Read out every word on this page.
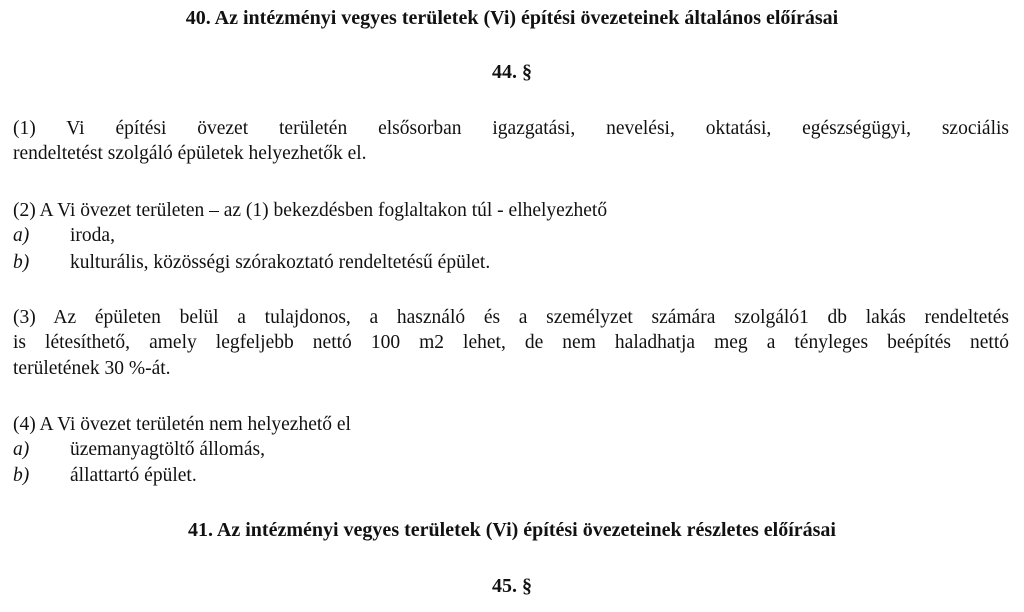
40. Az intézményi vegyes területek (Vi) építési övezeteinek általános előírásai
44. §
(1) Vi építési övezet területén elsősorban igazgatási, nevelési, oktatási, egészségügyi, szociális
rendeltetést szolgáló épületek helyezhetők el.
(2) A Vi övezet területen – az (1) bekezdésben foglaltakon túl - elhelyezhető
a) iroda,
b) kulturális, közösségi szórakoztató rendeltetésű épület.
(3) Az épületen belül a tulajdonos, a használó és a személyzet számára szolgáló1 db lakás rendeltetés
is létesíthető, amely legfeljebb nettó 100 m2 lehet, de nem haladhatja meg a tényleges beépítés nettó
területének 30 %-át.
(4) A Vi övezet területén nem helyezhető el
a) üzemanyagtöltő állomás,
b) állattartó épület.
41. Az intézményi vegyes területek (Vi) építési övezeteinek részletes előírásai
45. §
